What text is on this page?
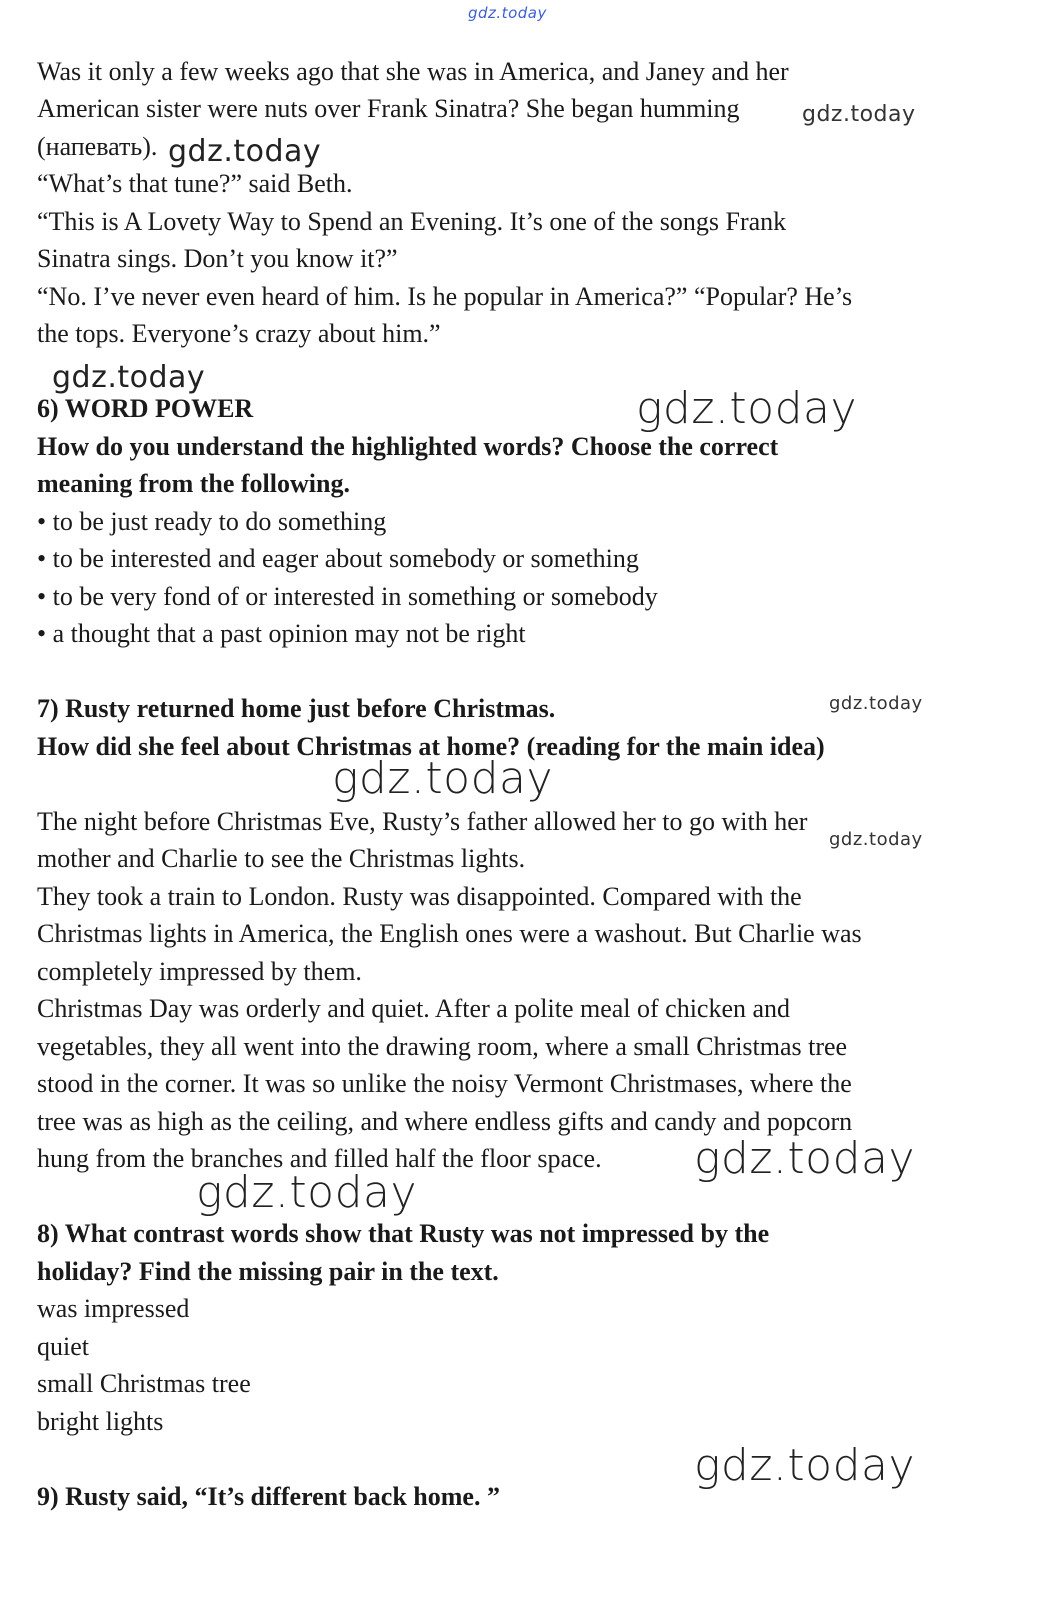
gdz.today
Was it only a few weeks ago that she was in America, and Janey and her
American sister were nuts over Frank Sinatra? She began humming
(напевать).
“What’s that tune?” said Beth.
“This is A Lovety Way to Spend an Evening. It’s one of the songs Frank
Sinatra sings. Don’t you know it?”
“No. I’ve never even heard of him. Is he popular in America?” “Popular? He’s
the tops. Everyone’s crazy about him.”
6) WORD POWER
How do you understand the highlighted words? Choose the correct
meaning from the following.
• to be just ready to do something
• to be interested and eager about somebody or something
• to be very fond of or interested in something or somebody
• a thought that a past opinion may not be right
7) Rusty returned home just before Christmas.
How did she feel about Christmas at home? (reading for the main idea)
The night before Christmas Eve, Rusty’s father allowed her to go with her
mother and Charlie to see the Christmas lights.
They took a train to London. Rusty was disappointed. Compared with the
Christmas lights in America, the English ones were a washout. But Charlie was
completely impressed by them.
Christmas Day was orderly and quiet. After a polite meal of chicken and
vegetables, they all went into the drawing room, where a small Christmas tree
stood in the corner. It was so unlike the noisy Vermont Christmases, where the
tree was as high as the ceiling, and where endless gifts and candy and popcorn
hung from the branches and filled half the floor space.
8) What contrast words show that Rusty was not impressed by the
holiday? Find the missing pair in the text.
was impressed
quiet
small Christmas tree
bright lights
9) Rusty said, “It’s different back home. ”
gdz.today
gdz.today
gdz.today
gdz.today
gdz.today
gdz.today
gdz.today
gdz.today
gdz.today
gdz.today
